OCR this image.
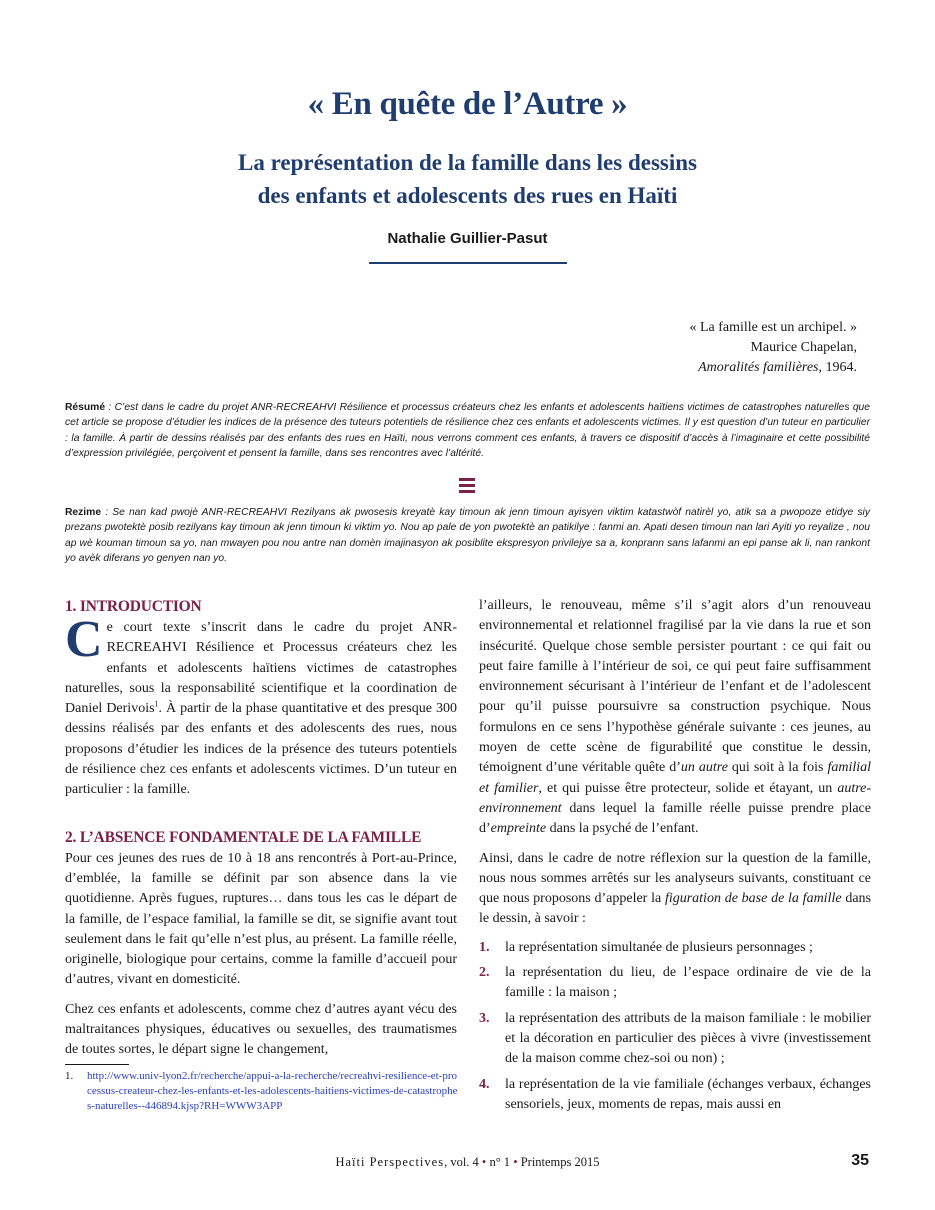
« En quête de l’Autre »
La représentation de la famille dans les dessins
des enfants et adolescents des rues en Haïti
Nathalie Guillier-Pasut
« La famille est un archipel. »
Maurice Chapelan,
Amoralités familières, 1964.
Résumé : C’est dans le cadre du projet ANR-RECREAHVI Résilience et processus créateurs chez les enfants et adolescents haïtiens victimes de catastrophes naturelles que cet article se propose d’étudier les indices de la présence des tuteurs potentiels de résilience chez ces enfants et adolescents victimes. Il y est question d’un tuteur en particulier : la famille. À partir de dessins réalisés par des enfants des rues en Haïti, nous verrons comment ces enfants, à travers ce dispositif d’accès à l’imaginaire et cette possibilité d’expression privilégiée, perçoivent et pensent la famille, dans ses rencontres avec l’altérité.
Rezime : Se nan kad pwojè ANR-RECREAHVI Rezilyans ak pwosesis kreyatè kay timoun ak jenn timoun ayisyen viktim katastwòf natirèl yo, atik sa a pwopoze etidye siy prezans pwotektè posib rezilyans kay timoun ak jenn timoun ki viktim yo. Nou ap pale de yon pwotektè an patikilye : fanmi an. Apati desen timoun nan lari Ayiti yo reyalize , nou ap wè kouman timoun sa yo, nan mwayen pou nou antre nan domèn imajinasyon ak posiblite ekspresyon privilejye sa a, konprann sans lafanmi an epi panse ak li, nan rankont yo avèk diferans yo genyen nan yo.
1. INTRODUCTION

Ce court texte s’inscrit dans le cadre du projet ANR-RECREAHVI Résilience et Processus créateurs chez les enfants et adolescents haïtiens victimes de catastrophes naturelles, sous la responsabilité scientifique et la coordination de Daniel Derivois$^1$. À partir de la phase quantitative et des presque 300 dessins réalisés par des enfants et des adolescents des rues, nous proposons d’étudier les indices de la présence des tuteurs potentiels de résilience chez ces enfants et adolescents victimes. D’un tuteur en particulier : la famille.

2. L’ABSENCE FONDAMENTALE DE LA FAMILLE

Pour ces jeunes des rues de 10 à 18 ans rencontrés à Port-au-Prince, d’emblée, la famille se définit par son absence dans la vie quotidienne. Après fugues, ruptures… dans tous les cas le départ de la famille, de l’espace familial, la famille se dit, se signifie avant tout seulement dans le fait qu’elle n’est plus, au présent. La famille réelle, originelle, biologique pour certains, comme la famille d’accueil pour d’autres, vivant en domesticité.

Chez ces enfants et adolescents, comme chez d’autres ayant vécu des maltraitances physiques, éducatives ou sexuelles, des traumatismes de toutes sortes, le départ signe le changement,

l’ailleurs, le renouveau, même s’il s’agit alors d’un renouveau environnemental et relationnel fragilisé par la vie dans la rue et son insécurité. Quelque chose semble persister pourtant : ce qui fait ou peut faire famille à l’intérieur de soi, ce qui peut faire suffisamment environnement sécurisant à l’intérieur de l’enfant et de l’adolescent pour qu’il puisse poursuivre sa construction psychique. Nous formulons en ce sens l’hypothèse générale suivante : ces jeunes, au moyen de cette scène de figurabilité que constitue le dessin, témoignent d’une véritable quête d’un autre qui soit à la fois familial et familier, et qui puisse être protecteur, solide et étayant, un autre-environnement dans lequel la famille réelle puisse prendre place d’empreinte dans la psyché de l’enfant.

Ainsi, dans le cadre de notre réflexion sur la question de la famille, nous nous sommes arrêtés sur les analyseurs suivants, constituant ce que nous proposons d’appeler la figuration de base de la famille dans le dessin, à savoir :

1. la représentation simultanée de plusieurs personnages ;
2. la représentation du lieu, de l’espace ordinaire de vie de la famille : la maison ;
3. la représentation des attributs de la maison familiale : le mobilier et la décoration en particulier des pièces à vivre (investissement de la maison comme chez-soi ou non) ;
4. la représentation de la vie familiale (échanges verbaux, échanges sensoriels, jeux, moments de repas, mais aussi en
1. http://www.univ-lyon2.fr/recherche/appui-a-la-recherche/recreahvi-resilience-et-processus-createur-chez-les-enfants-et-les-adolescents-haitiens-victimes-de-catastrophes-naturelles--446894.kjsp?RH=WWW3APP
Haïti Perspectives, vol. 4 • n° 1 • Printemps 2015	35
